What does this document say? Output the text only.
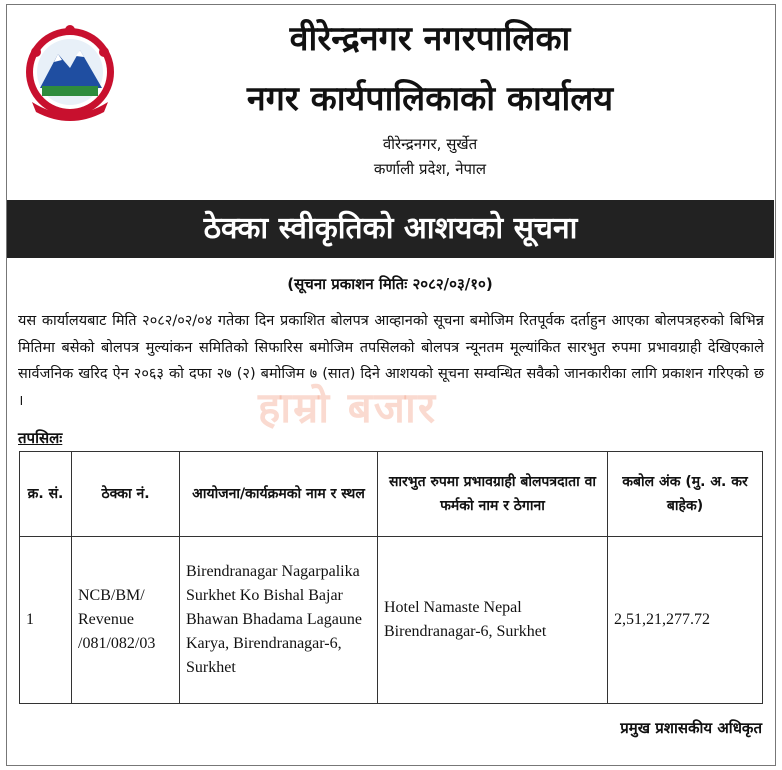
वीरेन्द्रनगर नगरपालिका
नगर कार्यपालिकाको कार्यालय
वीरेन्द्रनगर, सुर्खेत
कर्णाली प्रदेश, नेपाल
ठेक्का स्वीकृतिको आशयको सूचना
(सूचना प्रकाशन मितिः २०८२/०३/१०)
यस कार्यालयबाट मिति २०८२/०२/०४ गतेका दिन प्रकाशित बोलपत्र आव्हानको सूचना बमोजिम रितपूर्वक दर्ताहुन आएका बोलपत्रहरुको बिभिन्न मितिमा बसेको बोलपत्र मुल्यांकन समितिको सिफारिस बमोजिम तपसिलको बोलपत्र न्यूनतम मूल्यांकित सारभुत रुपमा प्रभावग्राही देखिएकाले सार्वजनिक खरिद ऐन २०६३ को दफा २७ (२) बमोजिम ७ (सात) दिने आशयको सूचना सम्वन्धित सवैको जानकारीका लागि प्रकाशन गरिएको छ ।	हाम्रो बजार
तपसिलः
क्र. सं.	ठेक्का नं.	आयोजना/कार्यक्रमको नाम र स्थल	सारभुत रुपमा प्रभावग्राही बोलपत्रदाता वा फर्मको नाम र ठेगाना	कबोल अंक (मु. अ. कर बाहेक)
1	NCB/BM/ Revenue /081/082/03	Birendranagar Nagarpalika Surkhet Ko Bishal Bajar Bhawan Bhadama Lagaune Karya, Birendranagar-6, Surkhet	Hotel Namaste Nepal Birendranagar-6, Surkhet	2,51,21,277.72
प्रमुख प्रशासकीय अधिकृत
